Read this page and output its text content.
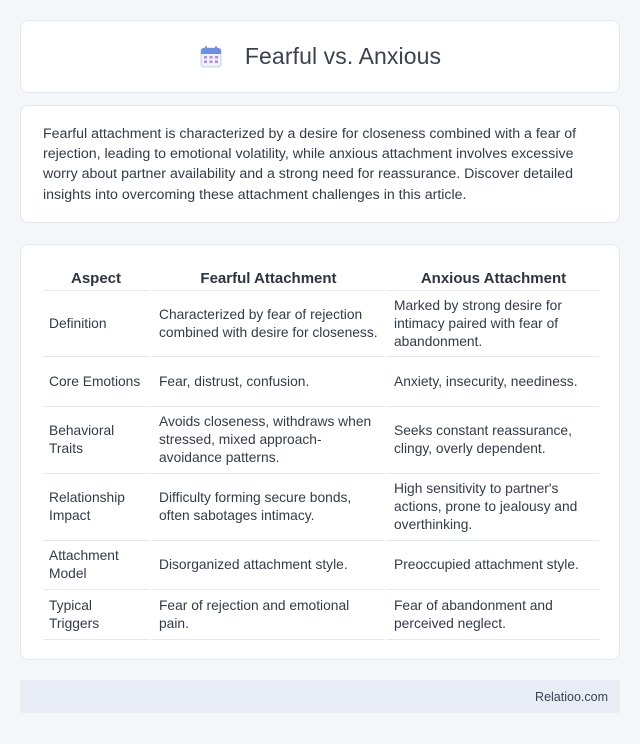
Fearful vs. Anxious

Fearful attachment is characterized by a desire for closeness combined with a fear of rejection, leading to emotional volatility, while anxious attachment involves excessive worry about partner availability and a strong need for reassurance. Discover detailed insights into overcoming these attachment challenges in this article.

Aspect	Fearful Attachment	Anxious Attachment
Definition	Characterized by fear of rejection combined with desire for closeness.	Marked by strong desire for intimacy paired with fear of abandonment.
Core Emotions	Fear, distrust, confusion.	Anxiety, insecurity, neediness.
Behavioral Traits	Avoids closeness, withdraws when stressed, mixed approach-avoidance patterns.	Seeks constant reassurance, clingy, overly dependent.
Relationship Impact	Difficulty forming secure bonds, often sabotages intimacy.	High sensitivity to partner's actions, prone to jealousy and overthinking.
Attachment Model	Disorganized attachment style.	Preoccupied attachment style.
Typical Triggers	Fear of rejection and emotional pain.	Fear of abandonment and perceived neglect.
Relatioo.com
